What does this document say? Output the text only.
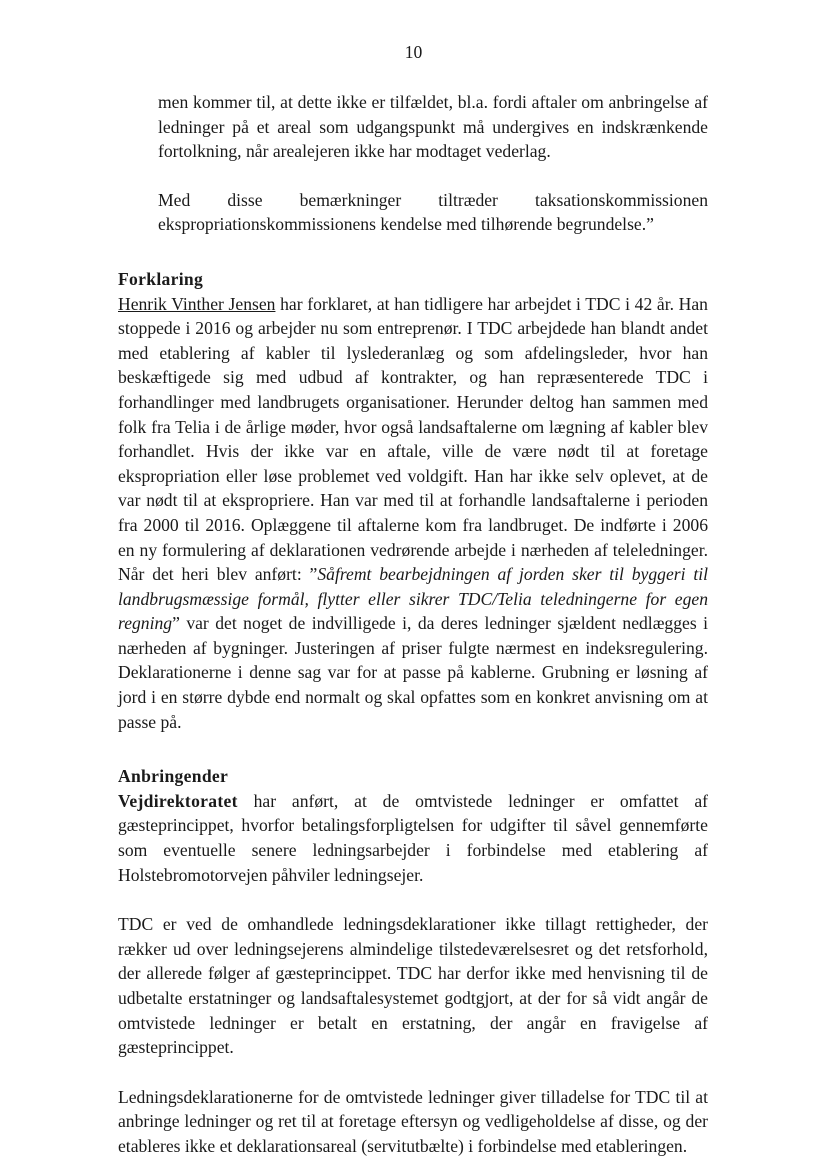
10

men kommer til, at dette ikke er tilfældet, bl.a. fordi aftaler om anbringelse af ledninger på et areal som udgangspunkt må undergives en indskrænkende fortolkning, når arealejeren ikke har modtaget vederlag.

Med disse bemærkninger tiltræder taksationskommissionen ekspropriationskommissionens kendelse med tilhørende begrundelse.”

Forklaring

Henrik Vinther Jensen har forklaret, at han tidligere har arbejdet i TDC i 42 år. Han stoppede i 2016 og arbejder nu som entreprenør. I TDC arbejdede han blandt andet med etablering af kabler til lyslederanlæg og som afdelingsleder, hvor han beskæftigede sig med udbud af kontrakter, og han repræsenterede TDC i forhandlinger med landbrugets organisationer. Herunder deltog han sammen med folk fra Telia i de årlige møder, hvor også landsaftalerne om lægning af kabler blev forhandlet. Hvis der ikke var en aftale, ville de være nødt til at foretage ekspropriation eller løse problemet ved voldgift. Han har ikke selv oplevet, at de var nødt til at ekspropriere. Han var med til at forhandle landsaftalerne i perioden fra 2000 til 2016. Oplæggene til aftalerne kom fra landbruget. De indførte i 2006 en ny formulering af deklarationen vedrørende arbejde i nærheden af teleledninger. Når det heri blev anført: ”Såfremt bearbejdningen af jorden sker til byggeri til landbrugsmæssige formål, flytter eller sikrer TDC/Telia teledningerne for egen regning” var det noget de indvilligede i, da deres ledninger sjældent nedlægges i nærheden af bygninger. Justeringen af priser fulgte nærmest en indeksregulering. Deklarationerne i denne sag var for at passe på kablerne. Grubning er løsning af jord i en større dybde end normalt og skal opfattes som en konkret anvisning om at passe på.

Anbringender

Vejdirektoratet har anført, at de omtvistede ledninger er omfattet af gæsteprincippet, hvorfor betalingsforpligtelsen for udgifter til såvel gennemførte som eventuelle senere ledningsarbejder i forbindelse med etablering af Holstebromotorvejen påhviler ledningsejer.

TDC er ved de omhandlede ledningsdeklarationer ikke tillagt rettigheder, der rækker ud over ledningsejerens almindelige tilstedeværelsesret og det retsforhold, der allerede følger af gæsteprincippet. TDC har derfor ikke med henvisning til de udbetalte erstatninger og landsaftalesystemet godtgjort, at der for så vidt angår de omtvistede ledninger er betalt en erstatning, der angår en fravigelse af gæsteprincippet.

Ledningsdeklarationerne for de omtvistede ledninger giver tilladelse for TDC til at anbringe ledninger og ret til at foretage eftersyn og vedligeholdelse af disse, og der etableres ikke et deklarationsareal (servitutbælte) i forbindelse med etableringen.
